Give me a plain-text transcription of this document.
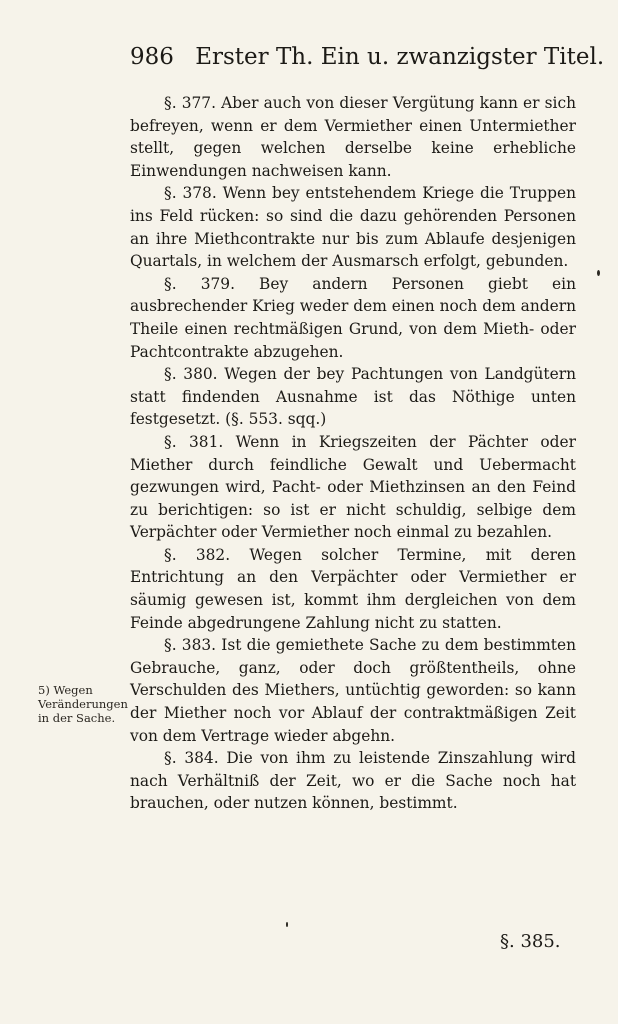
986 Erster Th. Ein u. zwanzigster Titel.

§. 377. Aber auch von dieser Vergütung kann er sich befreyen, wenn er dem Vermiether einen Untermiether stellt, gegen welchen derselbe keine erhebliche Einwendungen nachweisen kann.

§. 378. Wenn bey entstehendem Kriege die Truppen ins Feld rücken: so sind die dazu gehörenden Personen an ihre Miethcontrakte nur bis zum Ablaufe desjenigen Quartals, in welchem der Ausmarsch erfolgt, gebunden.

§. 379. Bey andern Personen giebt ein ausbrechender Krieg weder dem einen noch dem andern Theile einen rechtmäßigen Grund, von dem Mieth- oder Pachtcontrakte abzugehen.

§. 380. Wegen der bey Pachtungen von Landgütern statt findenden Ausnahme ist das Nöthige unten festgesetzt. (§. 553. sqq.)

§. 381. Wenn in Kriegszeiten der Pächter oder Miether durch feindliche Gewalt und Uebermacht gezwungen wird, Pacht- oder Miethzinsen an den Feind zu berichtigen: so ist er nicht schuldig, selbige dem Verpächter oder Vermiether noch einmal zu bezahlen.

§. 382. Wegen solcher Termine, mit deren Entrichtung an den Verpächter oder Vermiether er säumig gewesen ist, kommt ihm dergleichen von dem Feinde abgedrungene Zahlung nicht zu statten.

§. 383. Ist die gemiethete Sache zu dem bestimmten Gebrauche, ganz, oder doch größtentheils, ohne Verschulden des Miethers, untüchtig geworden: so kann der Miether noch vor Ablauf der contraktmäßigen Zeit von dem Vertrage wieder abgehn.

§. 384. Die von ihm zu leistende Zinszahlung wird nach Verhältniß der Zeit, wo er die Sache noch hat brauchen, oder nutzen können, bestimmt.

5) Wegen Veränderungen in der Sache.
§. 385.
